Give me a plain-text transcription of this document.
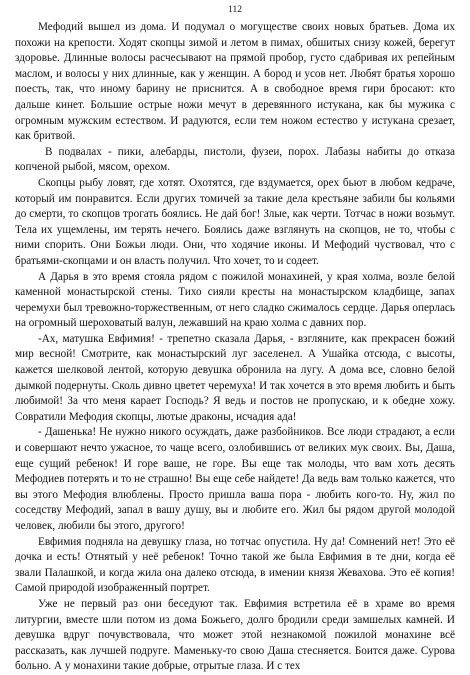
112

Мефодий вышел из дома. И подумал о могуществе своих новых братьев. Дома их похожи на крепости. Ходят скопцы зимой и летом в пимах, обшитых снизу кожей, берегут здоровье. Длинные волосы расчесывают на прямой пробор, густо сдабривая их репейным маслом, и волосы у них длинные, как у женщин. А бород и усов нет. Любят братья хорошо поесть, так, что иному барину не приснится. А в свободное время гири бросают: кто дальше кинет. Большие острые ножи мечут в деревянного истукана, как бы мужика с огромным мужским естеством. И радуются, если тем ножом естество у истукана срезает, как бритвой.

В подвалах - пики, алебарды, пистоли, фузеи, порох. Лабазы набиты до отказа копченой рыбой, мясом, орехом.

Скопцы рыбу ловят, где хотят. Охотятся, где вздумается, орех бьют в любом кедраче, который им понравится. Если других томичей за такие дела крестьяне забили бы кольями до смерти, то скопцов трогать боялись. Не дай бог! Злые, как черти. Тотчас в ножи возьмут. Тела их ущемлены, им терять нечего. Боялись даже взглянуть на скопцов, не то, чтобы с ними спорить. Они Божьи люди. Они, что ходячие иконы. И Мефодий чуствовал, что с братьями-скопцами и он власть получил. Что хочет, то и содеет.

А Дарья в это время стояла рядом с пожилой монахиней, у края холма, возле белой каменной монастырской стены. Тихо сияли кресты на монастырском кладбище, запах черемухи был тревожно-торжественным, от него сладко сжималось сердце. Дарья оперлась на огромный шероховатый валун, лежавший на краю холма с давних пор.

-Ах, матушка Евфимия! - трепетно сказала Дарья, - взгляните, как прекрасен божий мир весной! Смотрите, как монастырский луг заселенел. А Ушайка отсюда, с высоты, кажется шелковой лентой, которую девушка обронила на лугу. А дома все, словно белой дымкой подернуты. Сколь дивно цветет черемуха! И так хочется в это время любить и быть любимой! За что меня карает Господь? Я ведь и постов не пропускаю, и к обедне хожу. Совратили Мефодия скопцы, лютые драконы, исчадия ада!

- Дашенька! Не нужно никого осуждать, даже разбойников. Все люди страдают, а если и совершают нечто ужасное, то чаще всего, озлобившись от великих мук своих. Вы, Даша, еще сущий ребенок! И горе ваше, не горе. Вы еще так молоды, что вам хоть десять Мефодиев потерять и то не страшно! Вы еще себе найдете! Да ведь вам только кажется, что вы этого Мефодия влюблены. Просто пришла ваша пора - любить кого-то. Ну, жил по соседству Мефодий, запал в вашу душу, вы и любите его. Жил бы рядом другой молодой человек, любили бы этого, другого!

Евфимия подняла на девушку глаза, но тотчас опустила. Ну да! Сомнений нет! Это её дочка и есть! Отнятый у неё ребенок! Точно такой же была Евфимия в те дни, когда её звали Палашкой, и когда жила она далеко отсюда, в имении князя Жевахова. Это её копия! Самой природой изображенный портрет.

Уже не первый раз они беседуют так. Евфимия встретила её в храме во время литургии, вместе шли потом из дома Божьего, долго бродили среди замшелых камней. И девушка вдруг почувствовала, что может этой незнакомой пожилой монахине всё рассказать, как лучшей подруге. Маменьку-то свою Даша стесняется. Боится даже. Сурова больно. А у монахини такие добрые, отрытые глаза. И с тех
